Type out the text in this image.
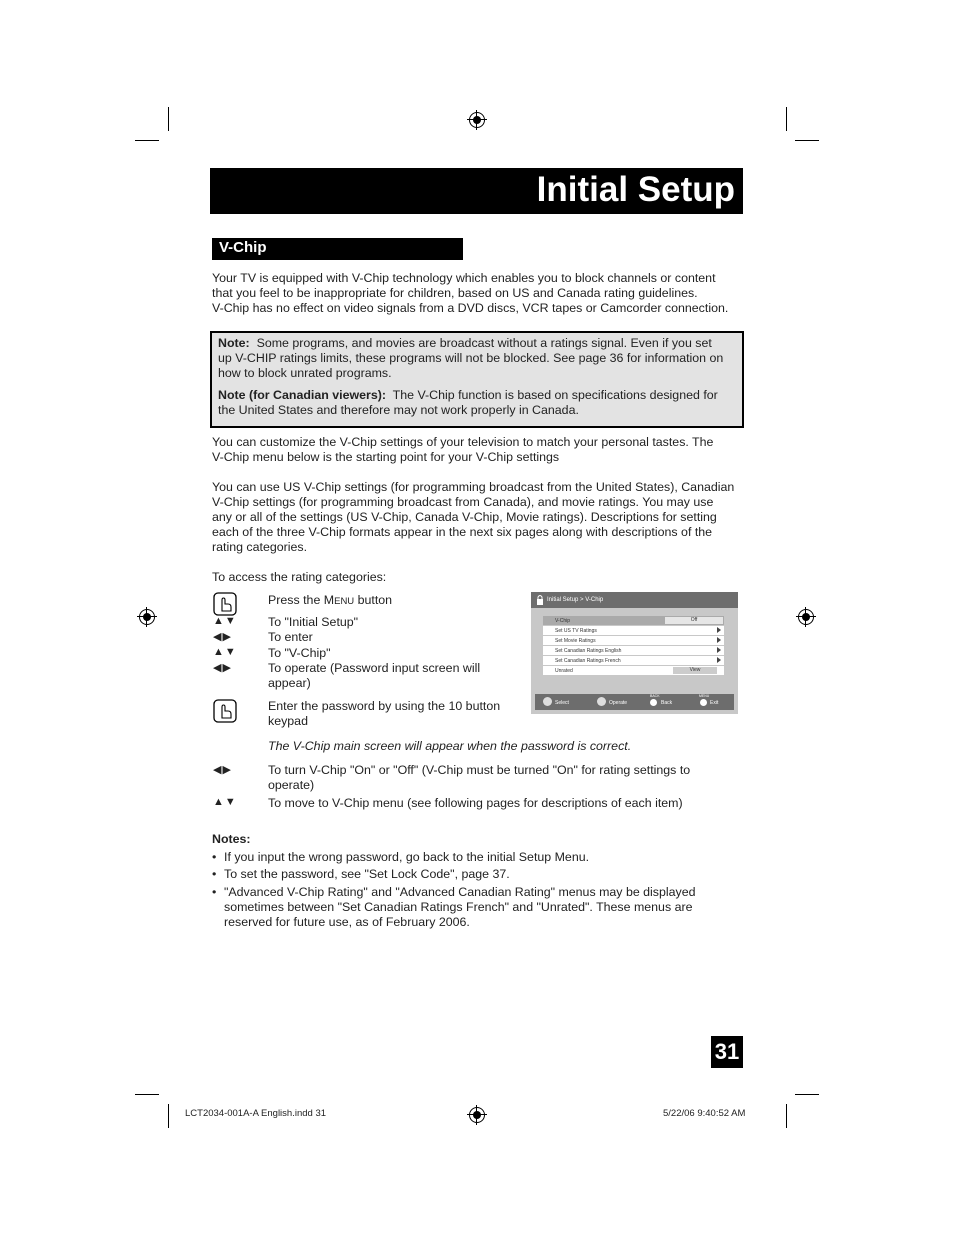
Initial Setup
V-Chip
Your TV is equipped with V-Chip technology which enables you to block channels or content
that you feel to be inappropriate for children, based on US and Canada rating guidelines.
V-Chip has no effect on video signals from a DVD discs, VCR tapes or Camcorder connection.

Note: Some programs, and movies are broadcast without a ratings signal. Even if you set
up V-CHIP ratings limits, these programs will not be blocked. See page 36 for information on
how to block unrated programs.

Note (for Canadian viewers): The V-Chip function is based on specifications designed for
the United States and therefore may not work properly in Canada.

You can customize the V-Chip settings of your television to match your personal tastes. The
V-Chip menu below is the starting point for your V-Chip settings
You can use US V-Chip settings (for programming broadcast from the United States), Canadian
V-Chip settings (for programming broadcast from Canada), and movie ratings. You may use
any or all of the settings (US V-Chip, Canada V-Chip, Movie ratings). Descriptions for setting
each of the three V-Chip formats appear in the next six pages along with descriptions of the
rating categories.
To access the rating categories:
Press the MENU button
▲▼	To "Initial Setup"
◀▶	To enter
▲▼	To "V-Chip"
◀▶	To operate (Password input screen will
appear)
Enter the password by using the 10 button
keypad
The V-Chip main screen will appear when the password is correct.
◀▶	To turn V-Chip "On" or "Off" (V-Chip must be turned "On" for rating settings to
operate)
▲▼	To move to V-Chip menu (see following pages for descriptions of each item)
Initial Setup > V-Chip
V-Chip	Off
Set US TV Ratings
Set Movie Ratings
Set Canadian Ratings English
Set Canadian Ratings French
Unrated	View
Select	Operate
BACK
Back
MENU
Exit
Notes:
• If you input the wrong password, go back to the initial Setup Menu.
• To set the password, see "Set Lock Code", page 37.
• "Advanced V-Chip Rating" and "Advanced Canadian Rating" menus may be displayed
sometimes between "Set Canadian Ratings French" and "Unrated". These menus are
reserved for future use, as of February 2006.
31
LCT2034-001A-A English.indd 31	5/22/06 9:40:52 AM
